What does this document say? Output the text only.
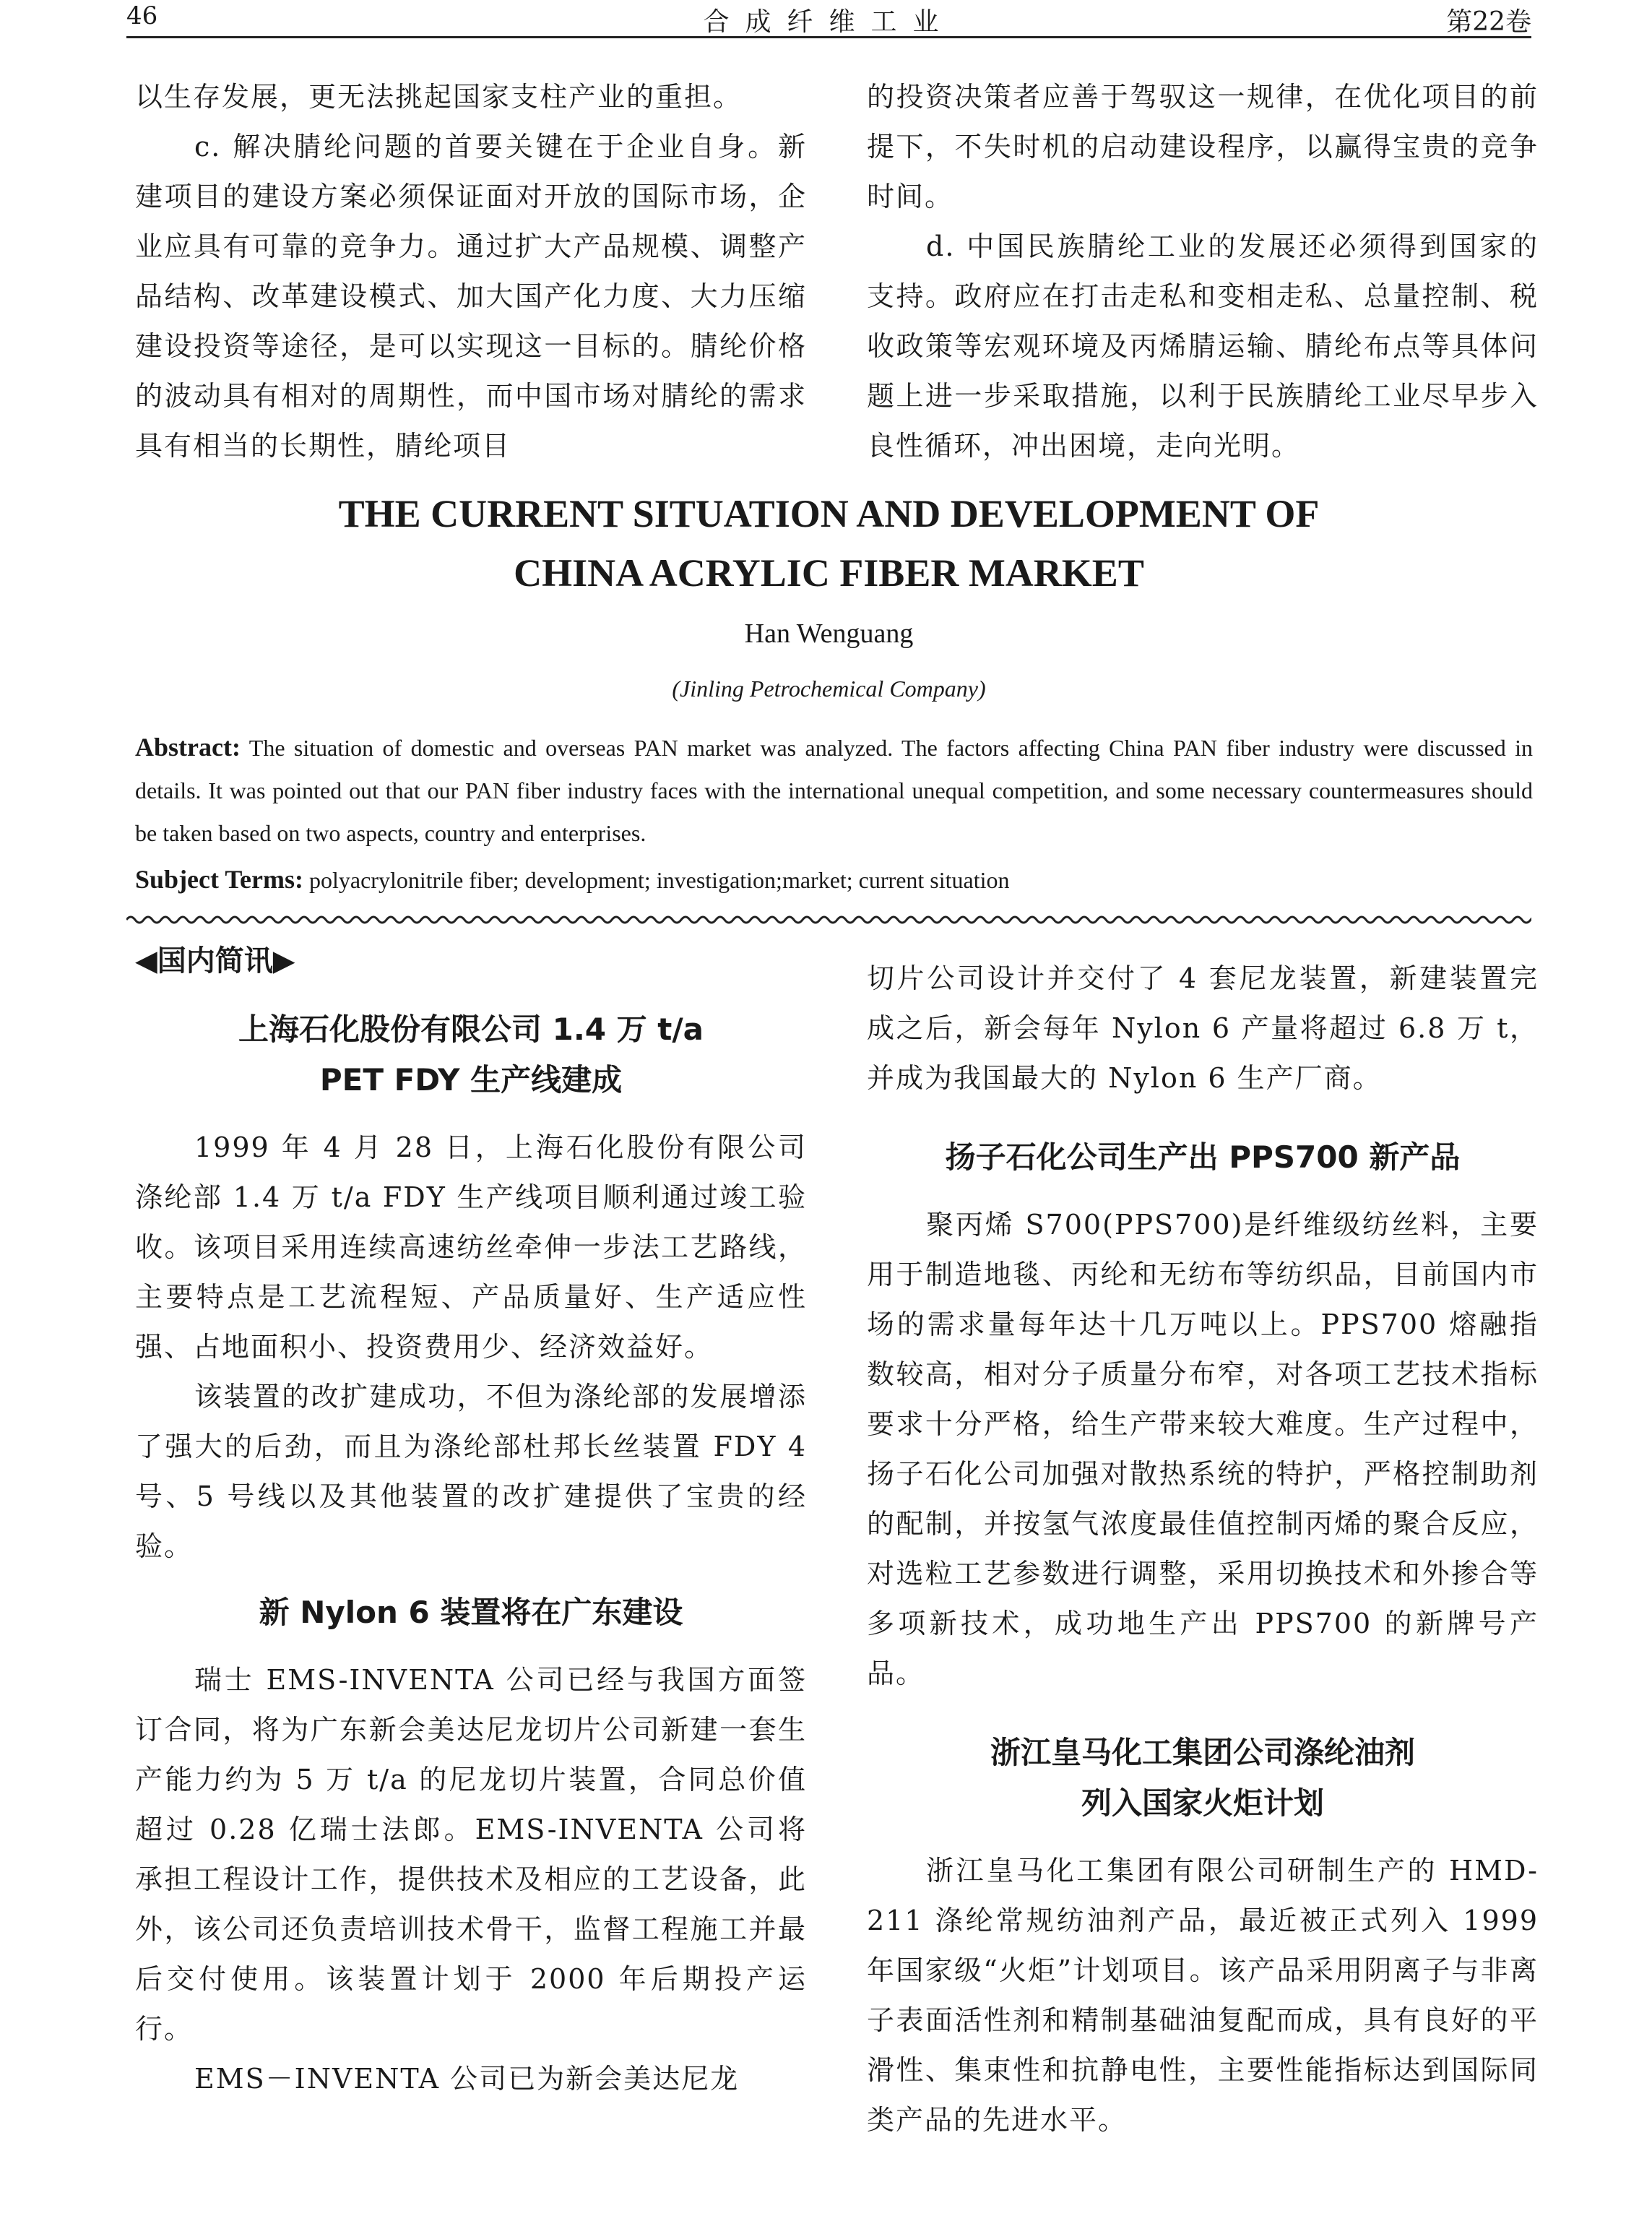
46	合成纤维工业	第22卷

以生存发展，更无法挑起国家支柱产业的重担。

c. 解决腈纶问题的首要关键在于企业自身。新建项目的建设方案必须保证面对开放的国际市场，企业应具有可靠的竞争力。通过扩大产品规模、调整产品结构、改革建设模式、加大国产化力度、大力压缩建设投资等途径，是可以实现这一目标的。腈纶价格的波动具有相对的周期性，而中国市场对腈纶的需求具有相当的长期性，腈纶项目

的投资决策者应善于驾驭这一规律，在优化项目的前提下，不失时机的启动建设程序，以赢得宝贵的竞争时间。

d. 中国民族腈纶工业的发展还必须得到国家的支持。政府应在打击走私和变相走私、总量控制、税收政策等宏观环境及丙烯腈运输、腈纶布点等具体问题上进一步采取措施，以利于民族腈纶工业尽早步入良性循环，冲出困境，走向光明。

THE CURRENT SITUATION AND DEVELOPMENT OF
CHINA ACRYLIC FIBER MARKET
Han Wenguang
(Jinling Petrochemical Company)

Abstract: The situation of domestic and overseas PAN market was analyzed. The factors affecting China PAN fiber industry were discussed in details. It was pointed out that our PAN fiber industry faces with the international unequal competition, and some necessary countermeasures should be taken based on two aspects, country and enterprises.

Subject Terms: polyacrylonitrile fiber; development; investigation;market; current situation

◀国内简讯▶

上海石化股份有限公司 1.4 万 t/a
PET FDY 生产线建成

1999 年 4 月 28 日，上海石化股份有限公司涤纶部 1.4 万 t/a FDY 生产线项目顺利通过竣工验收。该项目采用连续高速纺丝牵伸一步法工艺路线，主要特点是工艺流程短、产品质量好、生产适应性强、占地面积小、投资费用少、经济效益好。

该装置的改扩建成功，不但为涤纶部的发展增添了强大的后劲，而且为涤纶部杜邦长丝装置 FDY 4 号、5 号线以及其他装置的改扩建提供了宝贵的经验。

新 Nylon 6 装置将在广东建设

瑞士 EMS-INVENTA 公司已经与我国方面签订合同，将为广东新会美达尼龙切片公司新建一套生产能力约为 5 万 t/a 的尼龙切片装置，合同总价值超过 0.28 亿瑞士法郎。EMS-INVENTA 公司将承担工程设计工作，提供技术及相应的工艺设备，此外，该公司还负责培训技术骨干，监督工程施工并最后交付使用。该装置计划于 2000 年后期投产运行。

EMS－INVENTA 公司已为新会美达尼龙

切片公司设计并交付了 4 套尼龙装置，新建装置完成之后，新会每年 Nylon 6 产量将超过 6.8 万 t，并成为我国最大的 Nylon 6 生产厂商。

扬子石化公司生产出 PPS700 新产品

聚丙烯 S700(PPS700)是纤维级纺丝料，主要用于制造地毯、丙纶和无纺布等纺织品，目前国内市场的需求量每年达十几万吨以上。PPS700 熔融指数较高，相对分子质量分布窄，对各项工艺技术指标要求十分严格，给生产带来较大难度。生产过程中，扬子石化公司加强对散热系统的特护，严格控制助剂的配制，并按氢气浓度最佳值控制丙烯的聚合反应，对选粒工艺参数进行调整，采用切换技术和外掺合等多项新技术，成功地生产出 PPS700 的新牌号产品。

浙江皇马化工集团公司涤纶油剂
列入国家火炬计划

浙江皇马化工集团有限公司研制生产的 HMD-211 涤纶常规纺油剂产品，最近被正式列入 1999 年国家级“火炬”计划项目。该产品采用阴离子与非离子表面活性剂和精制基础油复配而成，具有良好的平滑性、集束性和抗静电性，主要性能指标达到国际同类产品的先进水平。
